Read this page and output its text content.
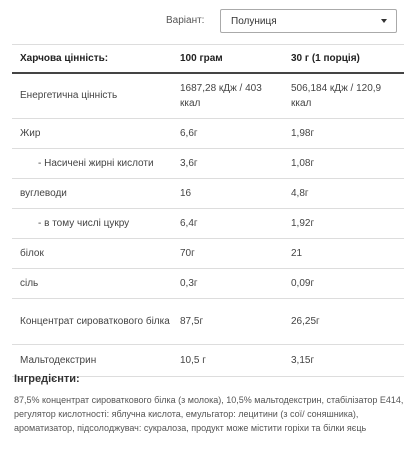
Варіант:	Полуниця
Харчова цінність:	100 грам	30 г (1 порція)
Енергетична цінність	1687,28 кДж / 403 ккал	506,184 кДж / 120,9 ккал
Жир	6,6г	1,98г
- Насичені жирні кислоти	3,6г	1,08г
вуглеводи	16	4,8г
- в тому числі цукру	6,4г	1,92г
білок	70г	21
сіль	0,3г	0,09г
Концентрат сироваткового білка	87,5г	26,25г
Мальтодекстрин	10,5 г	3,15г
Інгредієнти:
87,5% концентрат сироваткового білка (з молока), 10,5% мальтодекстрин, стабілізатор Е414, регулятор кислотності: яблучна кислота, емульгатор: лецитини (з сої/ соняшника), ароматизатор, підсолоджувач: сукралоза, продукт може містити горіхи та білки яєць
